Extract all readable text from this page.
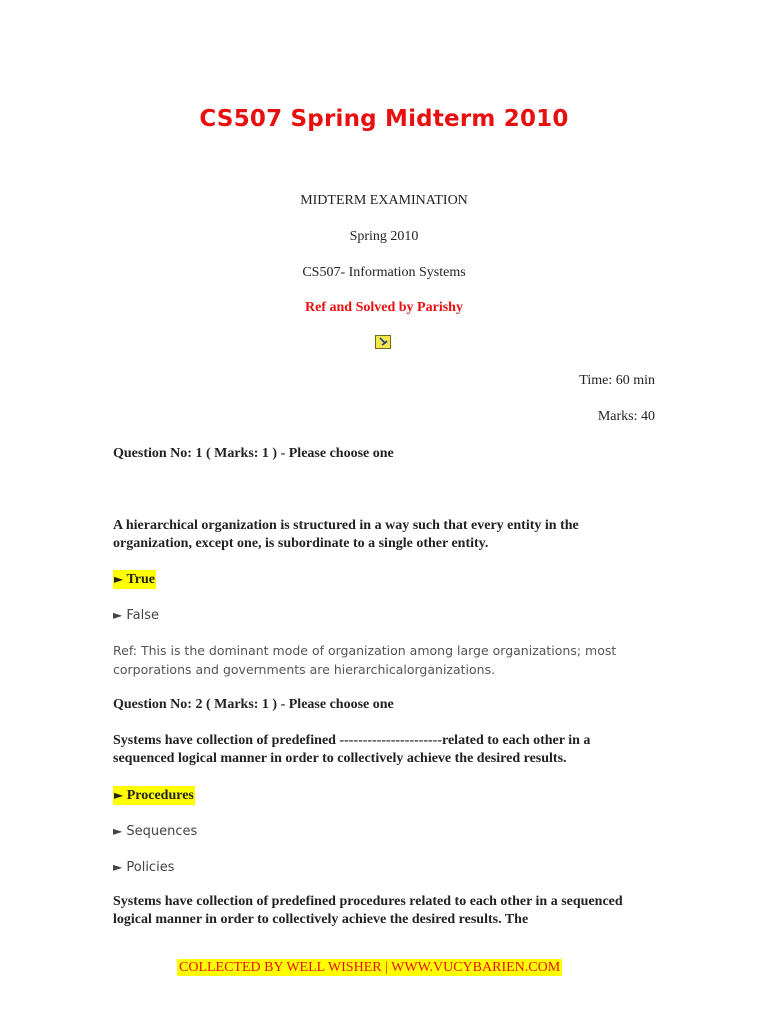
CS507 Spring Midterm 2010
MIDTERM EXAMINATION
Spring 2010
CS507- Information Systems
Ref and Solved by Parishy
Time: 60 min
Marks: 40
Question No: 1 ( Marks: 1 ) - Please choose one
A hierarchical organization is structured in a way such that every entity in the organization, except one, is subordinate to a single other entity.
► True
► False
Ref: This is the dominant mode of organization among large organizations; most corporations and governments are hierarchicalorganizations.
Question No: 2 ( Marks: 1 ) - Please choose one
Systems have collection of predefined ----------------------related to each other in a sequenced logical manner in order to collectively achieve the desired results.
► Procedures
► Sequences
► Policies
Systems have collection of predefined procedures related to each other in a sequenced logical manner in order to collectively achieve the desired results. The
COLLECTED BY WELL WISHER | WWW.VUCYBARIEN.COM
